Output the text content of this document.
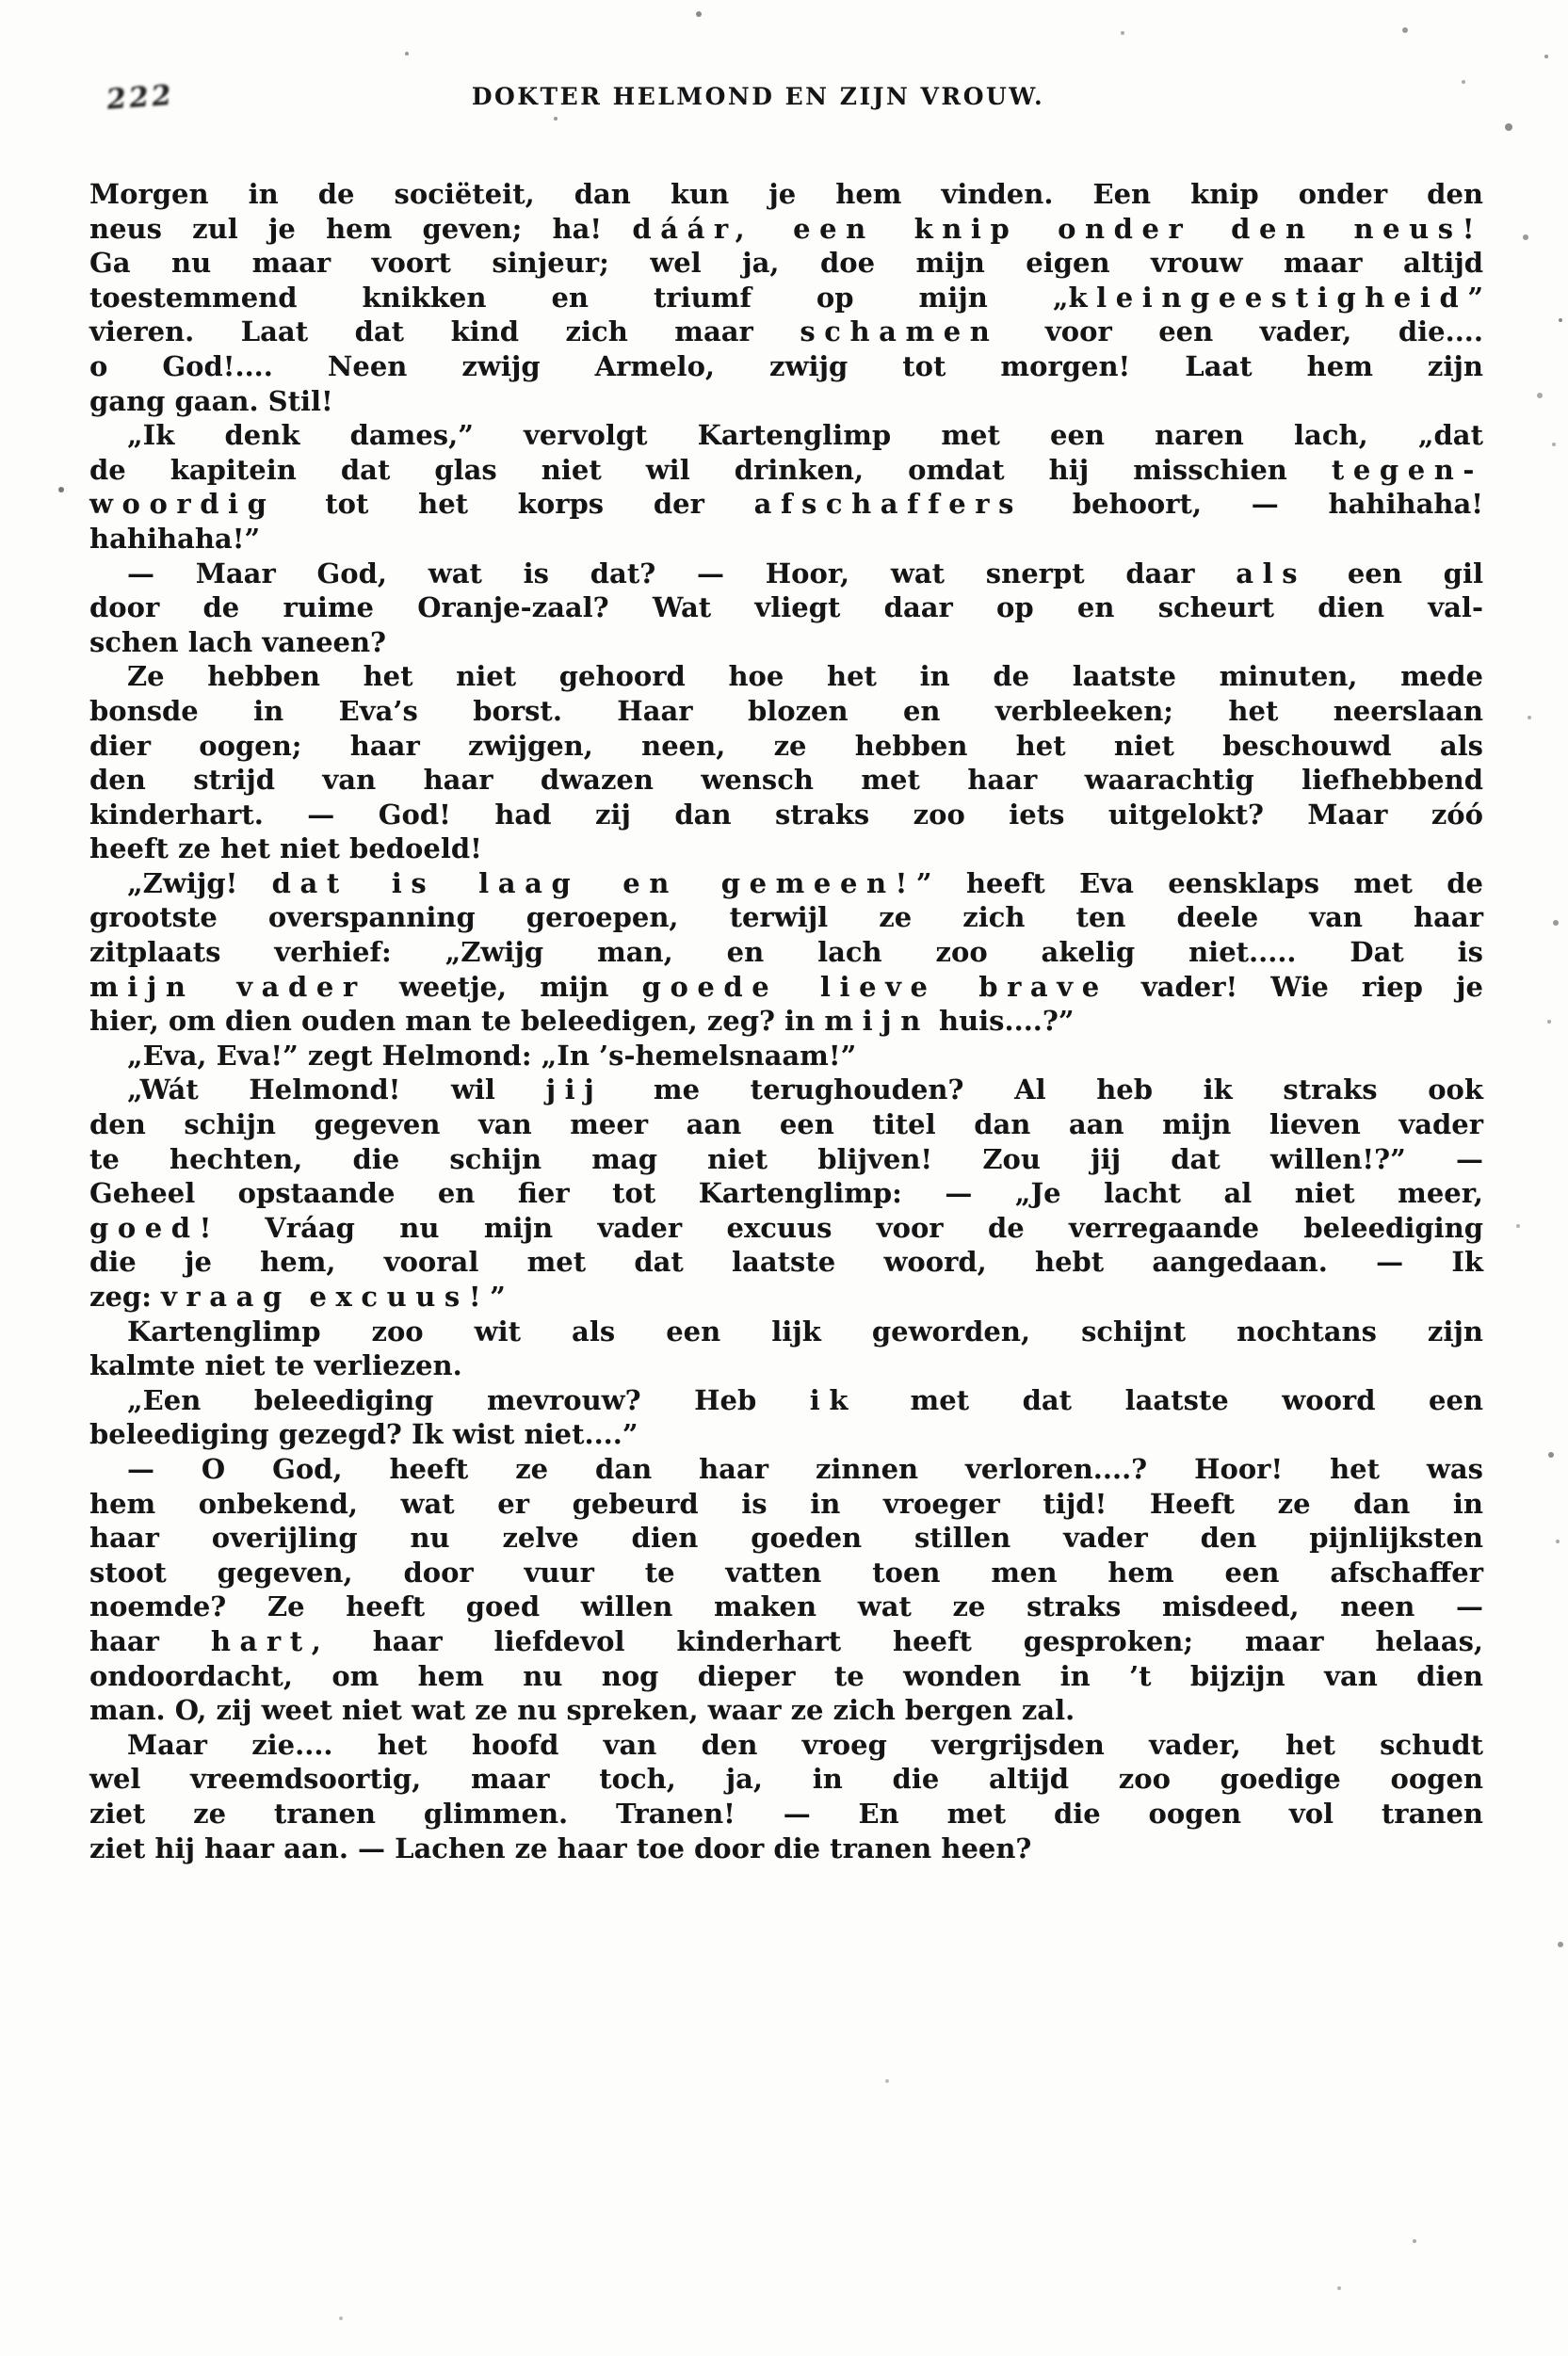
222	DOKTER HELMOND EN ZIJN VROUW.
Morgen in de sociëteit, dan kun je hem vinden. Een knip onder den
neus zul je hem geven; ha! dáár, een knip onder den neus!
Ga nu maar voort sinjeur; wel ja, doe mijn eigen vrouw maar altijd
toestemmend knikken en triumf op mijn „kleingeestigheid”
vieren. Laat dat kind zich maar schamen voor een vader, die....
o God!.... Neen zwijg Armelo, zwijg tot morgen! Laat hem zijn
gang gaan. Stil!
„Ik denk dames,” vervolgt Kartenglimp met een naren lach, „dat
de kapitein dat glas niet wil drinken, omdat hij misschien tegen-
woordig tot het korps der afschaffers behoort, — hahihaha!
hahihaha!”
— Maar God, wat is dat? — Hoor, wat snerpt daar als een gil
door de ruime Oranje-zaal? Wat vliegt daar op en scheurt dien val-
schen lach vaneen?
Ze hebben het niet gehoord hoe het in de laatste minuten, mede
bonsde in Eva’s borst. Haar blozen en verbleeken; het neerslaan
dier oogen; haar zwijgen, neen, ze hebben het niet beschouwd als
den strijd van haar dwazen wensch met haar waarachtig liefhebbend
kinderhart. — God! had zij dan straks zoo iets uitgelokt? Maar zóó
heeft ze het niet bedoeld!
„Zwijg! dat is laag en gemeen!” heeft Eva eensklaps met de
grootste overspanning geroepen, terwijl ze zich ten deele van haar
zitplaats verhief: „Zwijg man, en lach zoo akelig niet..... Dat is
mijn vader weetje, mijn goede lieve brave vader! Wie riep je
hier, om dien ouden man te beleedigen, zeg? in mijn huis....?”
„Eva, Eva!” zegt Helmond: „In ’s-hemelsnaam!”
„Wát Helmond! wil jij me terughouden? Al heb ik straks ook
den schijn gegeven van meer aan een titel dan aan mijn lieven vader
te hechten, die schijn mag niet blijven! Zou jij dat willen!?” —
Geheel opstaande en fier tot Kartenglimp: — „Je lacht al niet meer,
goed! Vráag nu mijn vader excuus voor de verregaande beleediging
die je hem, vooral met dat laatste woord, hebt aangedaan. — Ik
zeg: vraag excuus!”
Kartenglimp zoo wit als een lijk geworden, schijnt nochtans zijn
kalmte niet te verliezen.
„Een beleediging mevrouw? Heb ik met dat laatste woord een
beleediging gezegd? Ik wist niet....”
— O God, heeft ze dan haar zinnen verloren....? Hoor! het was
hem onbekend, wat er gebeurd is in vroeger tijd! Heeft ze dan in
haar overijling nu zelve dien goeden stillen vader den pijnlijksten
stoot gegeven, door vuur te vatten toen men hem een afschaffer
noemde? Ze heeft goed willen maken wat ze straks misdeed, neen —
haar hart, haar liefdevol kinderhart heeft gesproken; maar helaas,
ondoordacht, om hem nu nog dieper te wonden in ’t bijzijn van dien
man. O, zij weet niet wat ze nu spreken, waar ze zich bergen zal.
Maar zie.... het hoofd van den vroeg vergrijsden vader, het schudt
wel vreemdsoortig, maar toch, ja, in die altijd zoo goedige oogen
ziet ze tranen glimmen. Tranen! — En met die oogen vol tranen
ziet hij haar aan. — Lachen ze haar toe door die tranen heen?
